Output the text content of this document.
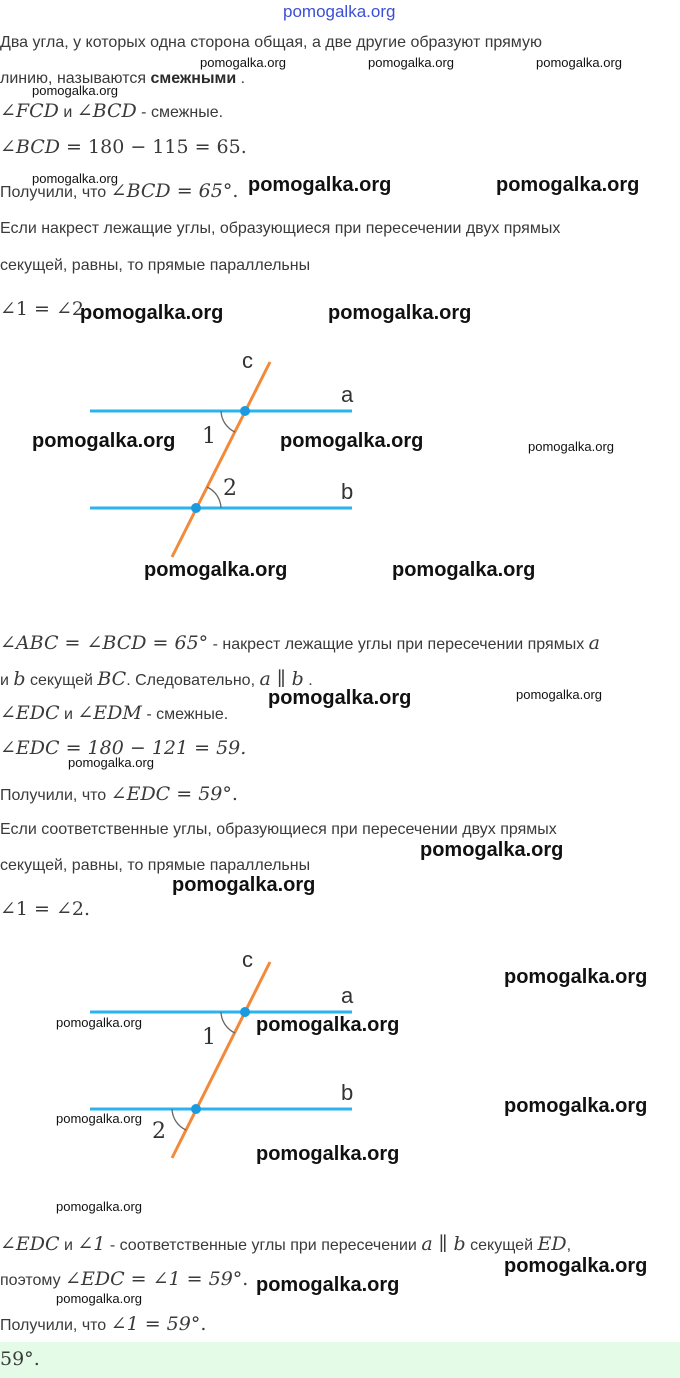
pomogalka.org
Два угла, у которых одна сторона общая, а две другие образуют прямую
линию, называются смежными .
∠FCD и ∠BCD - смежные.
∠BCD = 180 − 115 = 65.
Получили, что ∠BCD = 65°.
Если накрест лежащие углы, образующиеся при пересечении двух прямых
секущей, равны, то прямые параллельны
∠1 = ∠2
c
a
b
1
2
∠ABC = ∠BCD = 65° - накрест лежащие углы при пересечении прямых a
и b секущей BC. Следовательно, a ∥ b .
∠EDC и ∠EDM - смежные.
∠EDC = 180 − 121 = 59.
Получили, что ∠EDC = 59°.
Если соответственные углы, образующиеся при пересечении двух прямых
секущей, равны, то прямые параллельны
∠1 = ∠2.
c
a
b
1
2
∠EDC и ∠1 - соответственные углы при пересечении a ∥ b секущей ED,
поэтому ∠EDC = ∠1 = 59°.
Получили, что ∠1 = 59°.
59°.
pomogalka.org	pomogalka.org	pomogalka.org
pomogalka.org
pomogalka.org
pomogalka.org
pomogalka.org
pomogalka.org
pomogalka.org
pomogalka.org
pomogalka.org
pomogalka.org
pomogalka.org	pomogalka.org
pomogalka.org	pomogalka.org
pomogalka.org	pomogalka.org
pomogalka.org	pomogalka.org
pomogalka.org
pomogalka.org
pomogalka.org
pomogalka.org
pomogalka.org
pomogalka.org
pomogalka.org
pomogalka.org
pomogalka.org
